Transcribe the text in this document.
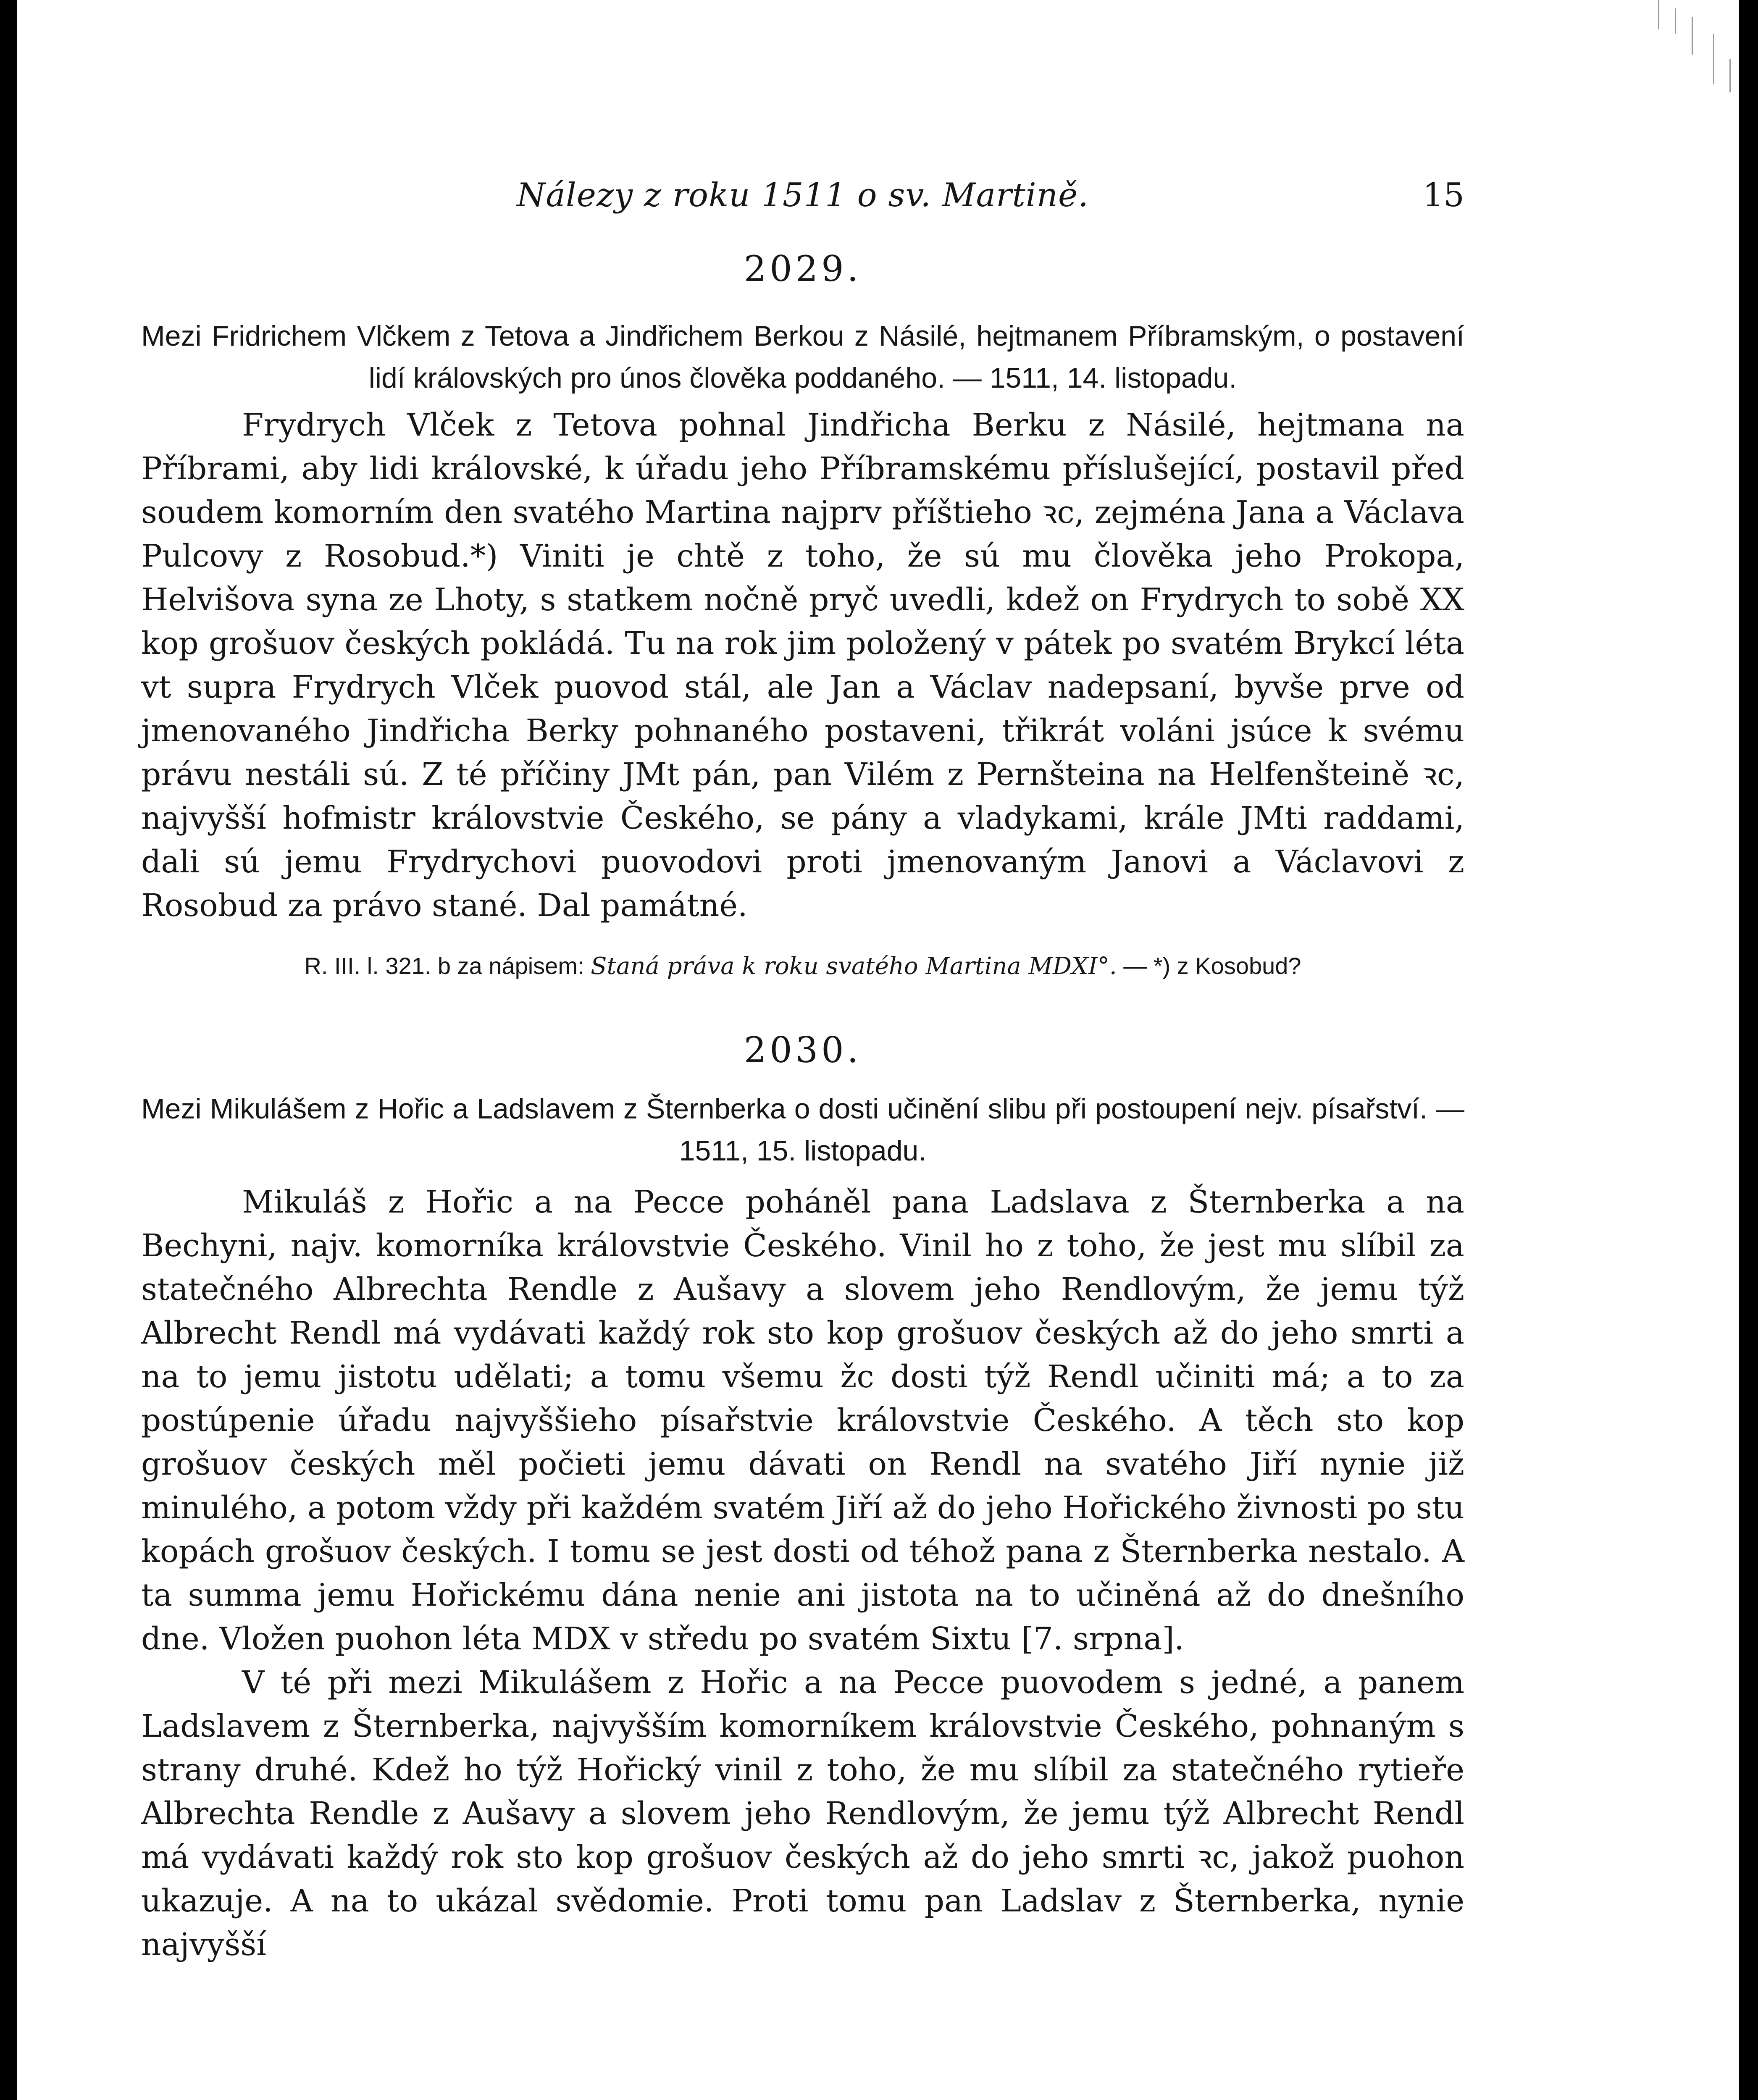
Nálezy z roku 1511 o sv. Martině.	15
2029.
Mezi Fridrichem Vlčkem z Tetova a Jindřichem Berkou z Násilé, hejtmanem Příbramským, o postavení lidí královských pro únos člověka poddaného. — 1511, 14. listopadu.

Frydrych Vlček z Tetova pohnal Jindřicha Berku z Násilé, hejtmana na Příbrami, aby lidi královské, k úřadu jeho Příbramskému příslušející, postavil před soudem komorním den svatého Martina najprv příštieho ꝛc, zejména Jana a Václava Pulcovy z Rosobud.*) Viniti je chtě z toho, že sú mu člověka jeho Prokopa, Helvišova syna ze Lhoty, s statkem nočně pryč uvedli, kdež on Frydrych to sobě XX kop grošuov českých pokládá. Tu na rok jim položený v pátek po svatém Brykcí léta vt supra Frydrych Vlček puovod stál, ale Jan a Václav nadepsaní, byvše prve od jmenovaného Jindřicha Berky pohnaného postaveni, třikrát voláni jsúce k svému právu nestáli sú. Z té příčiny JMt pán, pan Vilém z Pernšteina na Helfenšteině ꝛc, najvyšší hofmistr královstvie Českého, se pány a vladykami, krále JMti raddami, dali sú jemu Frydrychovi puovodovi proti jmenovaným Janovi a Václavovi z Rosobud za právo stané. Dal památné.

R. III. l. 321. b za nápisem: Staná práva k roku svatého Martina MDXI°. — *) z Kosobud?
2030.
Mezi Mikulášem z Hořic a Ladslavem z Šternberka o dosti učinění slibu při postoupení nejv. písařství. — 1511, 15. listopadu.

Mikuláš z Hořic a na Pecce poháněl pana Ladslava z Šternberka a na Bechyni, najv. komorníka královstvie Českého. Vinil ho z toho, že jest mu slíbil za statečného Albrechta Rendle z Aušavy a slovem jeho Rendlovým, že jemu týž Albrecht Rendl má vydávati každý rok sto kop grošuov českých až do jeho smrti a na to jemu jistotu udělati; a tomu všemu žc dosti týž Rendl učiniti má; a to za postúpenie úřadu najvyššieho písařstvie královstvie Českého. A těch sto kop grošuov českých měl počieti jemu dávati on Rendl na svatého Jiří nynie již minulého, a potom vždy při každém svatém Jiří až do jeho Hořického živnosti po stu kopách grošuov českých. I tomu se jest dosti od téhož pana z Šternberka nestalo. A ta summa jemu Hořickému dána nenie ani jistota na to učiněná až do dnešního dne. Vložen puohon léta MDX v středu po svatém Sixtu [7. srpna].

V té při mezi Mikulášem z Hořic a na Pecce puovodem s jedné, a panem Ladslavem z Šternberka, najvyšším komorníkem královstvie Českého, pohnaným s strany druhé. Kdež ho týž Hořický vinil z toho, že mu slíbil za statečného rytieře Albrechta Rendle z Aušavy a slovem jeho Rendlovým, že jemu týž Albrecht Rendl má vydávati každý rok sto kop grošuov českých až do jeho smrti ꝛc, jakož puohon ukazuje. A na to ukázal svědomie. Proti tomu pan Ladslav z Šternberka, nynie najvyšší
